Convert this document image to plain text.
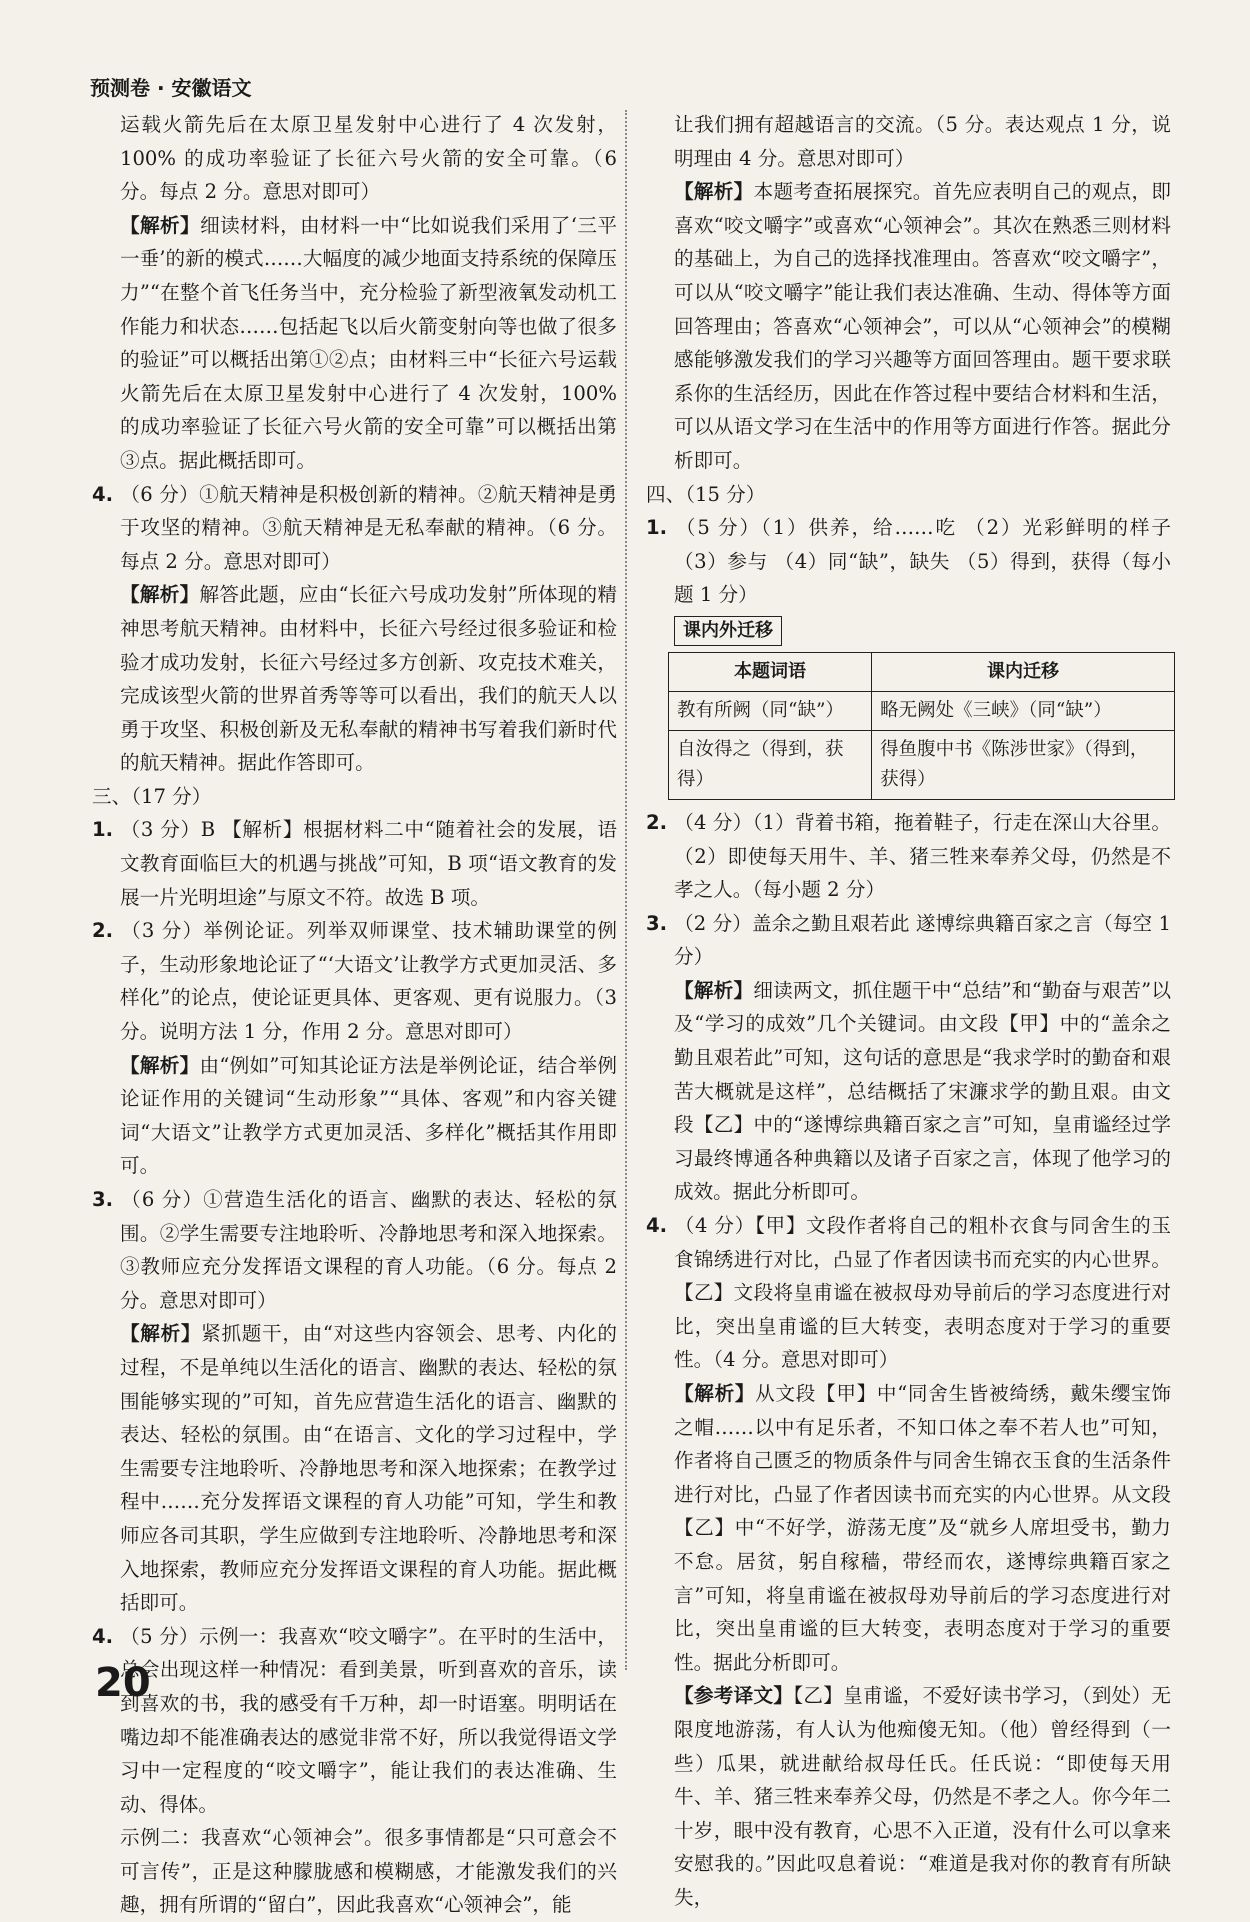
预测卷 · 安徽语文

运载火箭先后在太原卫星发射中心进行了 4 次发射，100% 的成功率验证了长征六号火箭的安全可靠。（6 分。每点 2 分。意思对即可）

【解析】细读材料，由材料一中“比如说我们采用了‘三平一垂’的新的模式……大幅度的减少地面支持系统的保障压力”“在整个首飞任务当中，充分检验了新型液氧发动机工作能力和状态……包括起飞以后火箭变射向等也做了很多的验证”可以概括出第①②点；由材料三中“长征六号运载火箭先后在太原卫星发射中心进行了 4 次发射，100% 的成功率验证了长征六号火箭的安全可靠”可以概括出第③点。据此概括即可。

4. （6 分）①航天精神是积极创新的精神。②航天精神是勇于攻坚的精神。③航天精神是无私奉献的精神。（6 分。每点 2 分。意思对即可）

【解析】解答此题，应由“长征六号成功发射”所体现的精神思考航天精神。由材料中，长征六号经过很多验证和检验才成功发射，长征六号经过多方创新、攻克技术难关，完成该型火箭的世界首秀等等可以看出，我们的航天人以勇于攻坚、积极创新及无私奉献的精神书写着我们新时代的航天精神。据此作答即可。

三、（17 分）

1. （3 分）B 【解析】根据材料二中“随着社会的发展，语文教育面临巨大的机遇与挑战”可知，B 项“语文教育的发展一片光明坦途”与原文不符。故选 B 项。

2. （3 分）举例论证。列举双师课堂、技术辅助课堂的例子，生动形象地论证了“‘大语文’让教学方式更加灵活、多样化”的论点，使论证更具体、更客观、更有说服力。（3 分。说明方法 1 分，作用 2 分。意思对即可）

【解析】由“例如”可知其论证方法是举例论证，结合举例论证作用的关键词“生动形象”“具体、客观”和内容关键词“大语文”让教学方式更加灵活、多样化”概括其作用即可。

3. （6 分）①营造生活化的语言、幽默的表达、轻松的氛围。②学生需要专注地聆听、冷静地思考和深入地探索。③教师应充分发挥语文课程的育人功能。（6 分。每点 2 分。意思对即可）

【解析】紧抓题干，由“对这些内容领会、思考、内化的过程，不是单纯以生活化的语言、幽默的表达、轻松的氛围能够实现的”可知，首先应营造生活化的语言、幽默的表达、轻松的氛围。由“在语言、文化的学习过程中，学生需要专注地聆听、冷静地思考和深入地探索；在教学过程中……充分发挥语文课程的育人功能”可知，学生和教师应各司其职，学生应做到专注地聆听、冷静地思考和深入地探索，教师应充分发挥语文课程的育人功能。据此概括即可。

4. （5 分）示例一：我喜欢“咬文嚼字”。在平时的生活中，总会出现这样一种情况：看到美景，听到喜欢的音乐，读到喜欢的书，我的感受有千万种，却一时语塞。明明话在嘴边却不能准确表达的感觉非常不好，所以我觉得语文学习中一定程度的“咬文嚼字”，能让我们的表达准确、生动、得体。

示例二：我喜欢“心领神会”。很多事情都是“只可意会不可言传”，正是这种朦胧感和模糊感，才能激发我们的兴趣，拥有所谓的“留白”，因此我喜欢“心领神会”，能

让我们拥有超越语言的交流。（5 分。表达观点 1 分，说明理由 4 分。意思对即可）

【解析】本题考查拓展探究。首先应表明自己的观点，即喜欢“咬文嚼字”或喜欢“心领神会”。其次在熟悉三则材料的基础上，为自己的选择找准理由。答喜欢“咬文嚼字”，可以从“咬文嚼字”能让我们表达准确、生动、得体等方面回答理由；答喜欢“心领神会”，可以从“心领神会”的模糊感能够激发我们的学习兴趣等方面回答理由。题干要求联系你的生活经历，因此在作答过程中要结合材料和生活，可以从语文学习在生活中的作用等方面进行作答。据此分析即可。

四、（15 分）

1. （5 分）（1）供养，给……吃 （2）光彩鲜明的样子 （3）参与 （4）同“缺”，缺失 （5）得到，获得（每小题 1 分）

课内外迁移
本题词语	课内迁移
教有所阙（同“缺”）	略无阙处《三峡》（同“缺”）
自汝得之（得到，获得）	得鱼腹中书《陈涉世家》（得到，获得）

2. （4 分）（1）背着书箱，拖着鞋子，行走在深山大谷里。（2）即使每天用牛、羊、猪三牲来奉养父母，仍然是不孝之人。（每小题 2 分）

3. （2 分）盖余之勤且艰若此 遂博综典籍百家之言（每空 1 分）

【解析】细读两文，抓住题干中“总结”和“勤奋与艰苦”以及“学习的成效”几个关键词。由文段【甲】中的“盖余之勤且艰若此”可知，这句话的意思是“我求学时的勤奋和艰苦大概就是这样”，总结概括了宋濂求学的勤且艰。由文段【乙】中的“遂博综典籍百家之言”可知，皇甫谧经过学习最终博通各种典籍以及诸子百家之言，体现了他学习的成效。据此分析即可。

4. （4 分）【甲】文段作者将自己的粗朴衣食与同舍生的玉食锦绣进行对比，凸显了作者因读书而充实的内心世界。【乙】文段将皇甫谧在被叔母劝导前后的学习态度进行对比，突出皇甫谧的巨大转变，表明态度对于学习的重要性。（4 分。意思对即可）

【解析】从文段【甲】中“同舍生皆被绮绣，戴朱缨宝饰之帽……以中有足乐者，不知口体之奉不若人也”可知，作者将自己匮乏的物质条件与同舍生锦衣玉食的生活条件进行对比，凸显了作者因读书而充实的内心世界。从文段【乙】中“不好学，游荡无度”及“就乡人席坦受书，勤力不怠。居贫，躬自稼穑，带经而农，遂博综典籍百家之言”可知，将皇甫谧在被叔母劝导前后的学习态度进行对比，突出皇甫谧的巨大转变，表明态度对于学习的重要性。据此分析即可。

【参考译文】【乙】皇甫谧，不爱好读书学习，（到处）无限度地游荡，有人认为他痴傻无知。（他）曾经得到（一些）瓜果，就进献给叔母任氏。任氏说：“即使每天用牛、羊、猪三牲来奉养父母，仍然是不孝之人。你今年二十岁，眼中没有教育，心思不入正道，没有什么可以拿来安慰我的。”因此叹息着说：“难道是我对你的教育有所缺失，

20
